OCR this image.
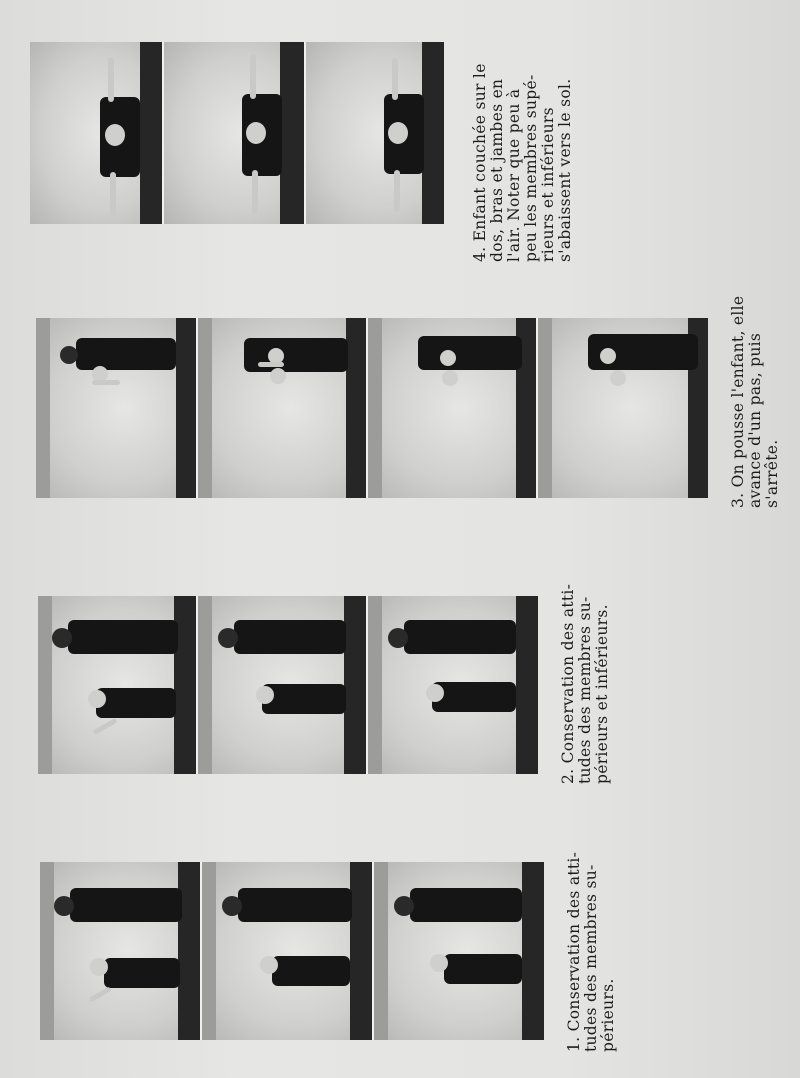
4. Enfant couchée sur le dos, bras et jambes en l'air. Noter que peu à peu les membres supé- rieurs et inférieurs s'abaissent vers le sol.
3. On pousse l'enfant, elle avance d'un pas, puis s'arrête.
2. Conservation des atti- tudes des membres su- périeurs et inférieurs.
1. Conservation des atti- tudes des membres su- périeurs.
